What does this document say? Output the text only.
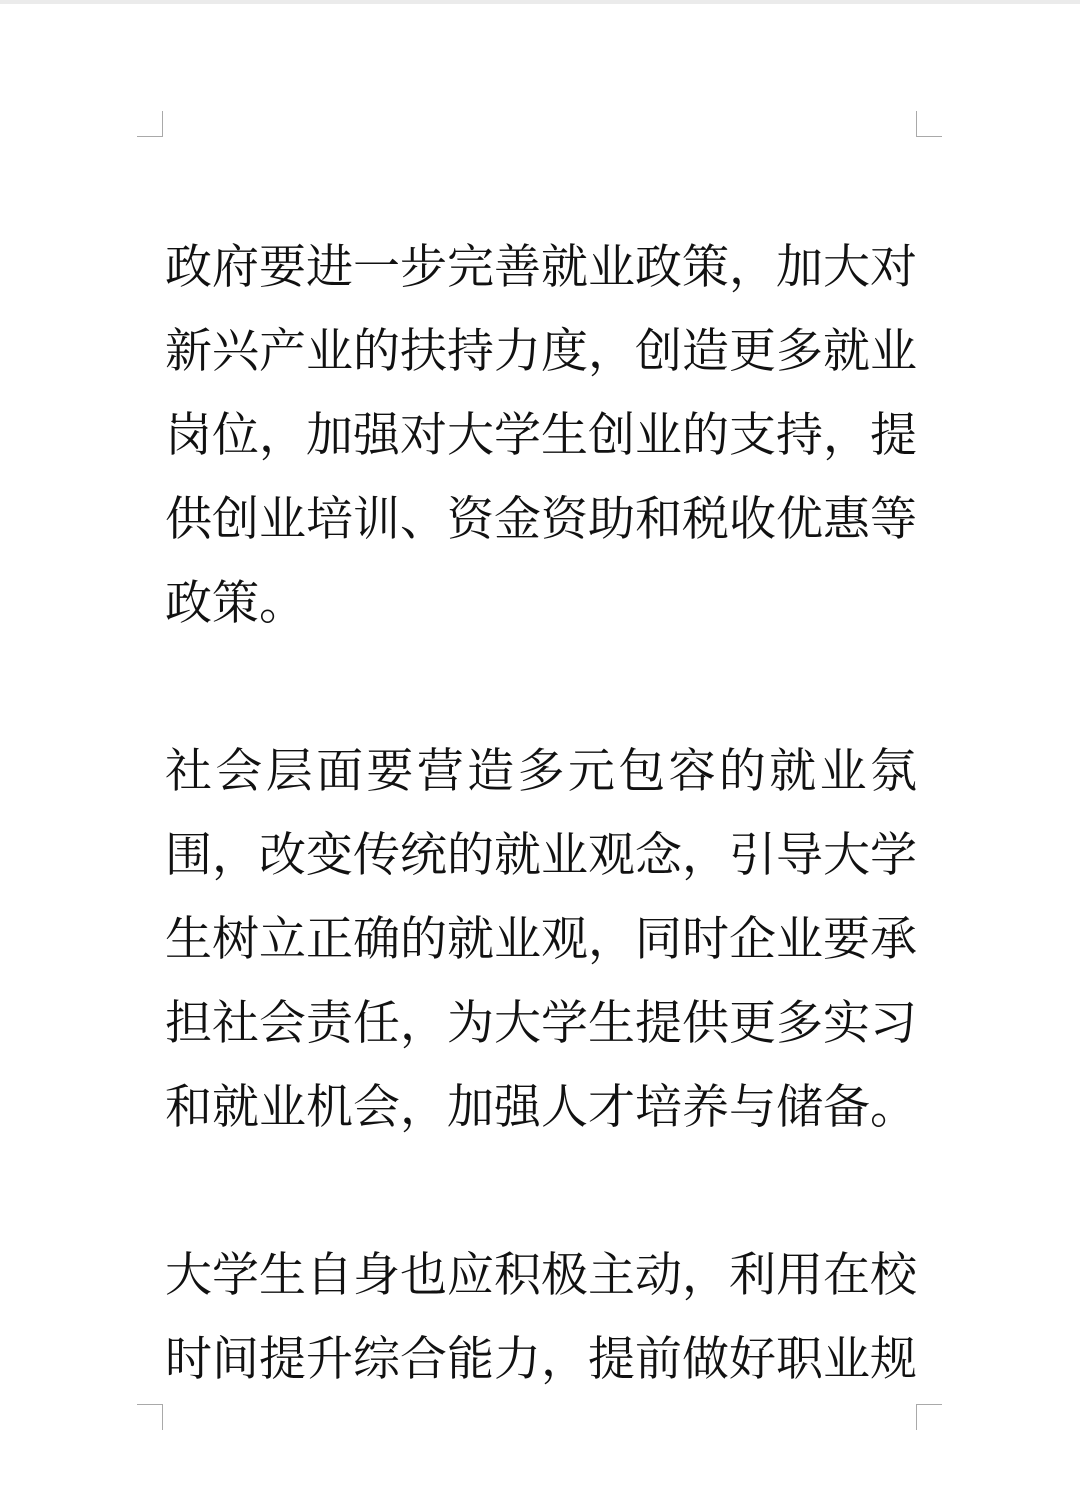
政府要进一步完善就业政策，加大对新兴产业的扶持力度，创造更多就业岗位，加强对大学生创业的支持，提供创业培训、资金资助和税收优惠等政策。

社会层面要营造多元包容的就业氛围，改变传统的就业观念，引导大学生树立正确的就业观，同时企业要承担社会责任，为大学生提供更多实习和就业机会，加强人才培养与储备。

大学生自身也应积极主动，利用在校时间提升综合能力，提前做好职业规
